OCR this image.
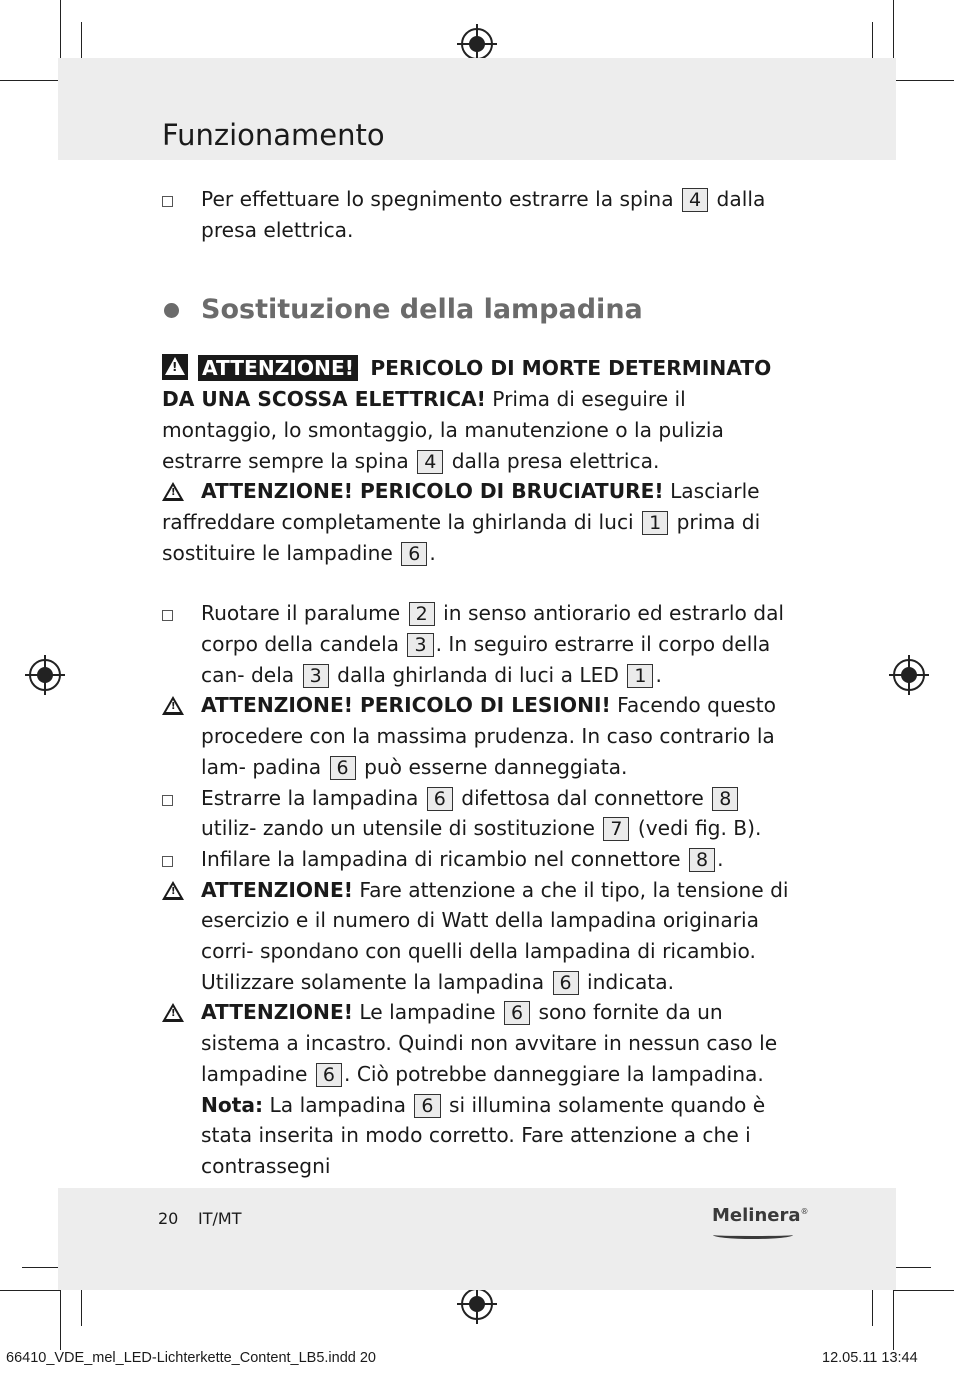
Funzionamento
Per effettuare lo spegnimento estrarre la spina 4 dalla presa elettrica.
Sostituzione della lampadina
!
ATTENZIONE! PERICOLO DI MORTE DETERMINATO DA UNA SCOSSA ELETTRICA! Prima di eseguire il montaggio, lo smontaggio, la manutenzione o la pulizia estrarre sempre la spina 4 dalla presa elettrica.
!ATTENZIONE! PERICOLO DI BRUCIATURE! Lasciarle raffreddare completamente la ghirlanda di luci 1 prima di sostituire le lampadine 6 .
Ruotare il paralume 2 in senso antiorario ed estrarlo dal corpo della candela 3 . In seguiro estrarre il corpo della can- dela 3 dalla ghirlanda di luci a LED 1 .
!
ATTENZIONE! PERICOLO DI LESIONI! Facendo questo procedere con la massima prudenza. In caso contrario la lam- padina 6 può esserne danneggiata.
Estrarre la lampadina 6 difettosa dal connettore 8 utiliz- zando un utensile di sostituzione 7 (vedi fig. B).
Infilare la lampadina di ricambio nel connettore 8 .
!
ATTENZIONE! Fare attenzione a che il tipo, la tensione di esercizio e il numero di Watt della lampadina originaria corri- spondano con quelli della lampadina di ricambio. Utilizzare solamente la lampadina 6 indicata.
!
ATTENZIONE! Le lampadine 6 sono fornite da un sistema a incastro. Quindi non avvitare in nessun caso le lampadine 6 . Ciò potrebbe danneggiare la lampadina.
Nota: La lampadina 6 si illumina solamente quando è stata inserita in modo corretto. Fare attenzione a che i contrassegni
20 IT/MT	Melinera®
66410_VDE_mel_LED-Lichterkette_Content_LB5.indd 20	12.05.11 13:44
